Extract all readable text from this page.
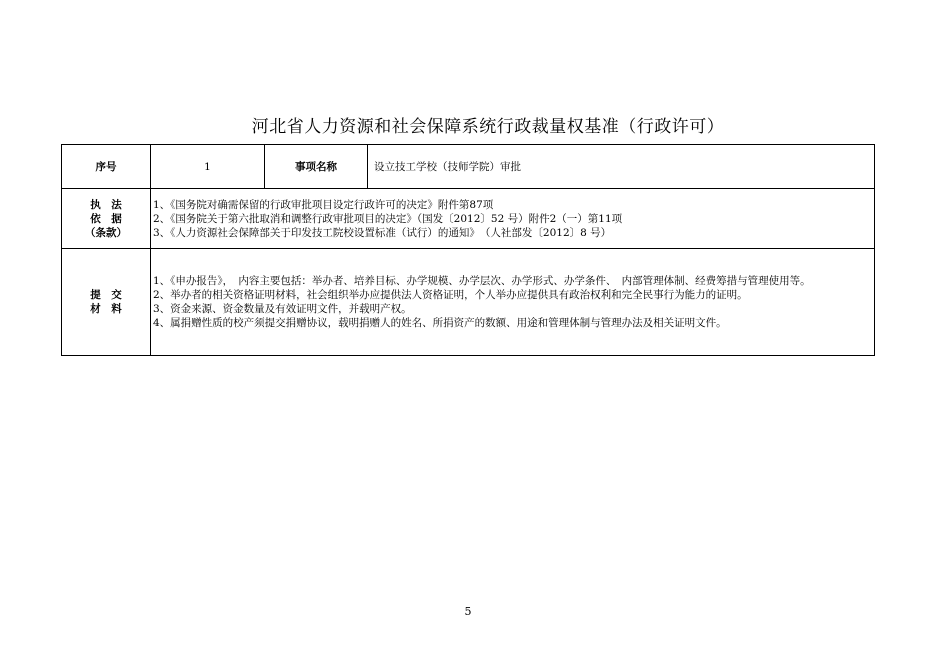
河北省人力资源和社会保障系统行政裁量权基准（行政许可）
序号	1	事项名称	设立技工学校（技师学院）审批

执　法
依　据
（条款）	1、《国务院对确需保留的行政审批项目设定行政许可的决定》附件第87项
2、《国务院关于第六批取消和调整行政审批项目的决定》（国发〔2012〕52 号）附件2（一）第11项
3、《人力资源社会保障部关于印发技工院校设置标准（试行）的通知》　（人社部发〔2012〕8 号）		

提　交
材　料	1、《申办报告》，　内容主要包括：举办者、培养目标、办学规模、办学层次、办学形式、办学条件、　内部管理体制、经费筹措与管理使用等。
2、举办者的相关资格证明材料，社会组织举办应提供法人资格证明，个人举办应提供具有政治权利和完全民事行为能力的证明。
3、资金来源、资金数量及有效证明文件，并载明产权。
4、属捐赠性质的校产须提交捐赠协议，载明捐赠人的姓名、所捐资产的数额、用途和管理体制与管理办法及相关证明文件。		
5
